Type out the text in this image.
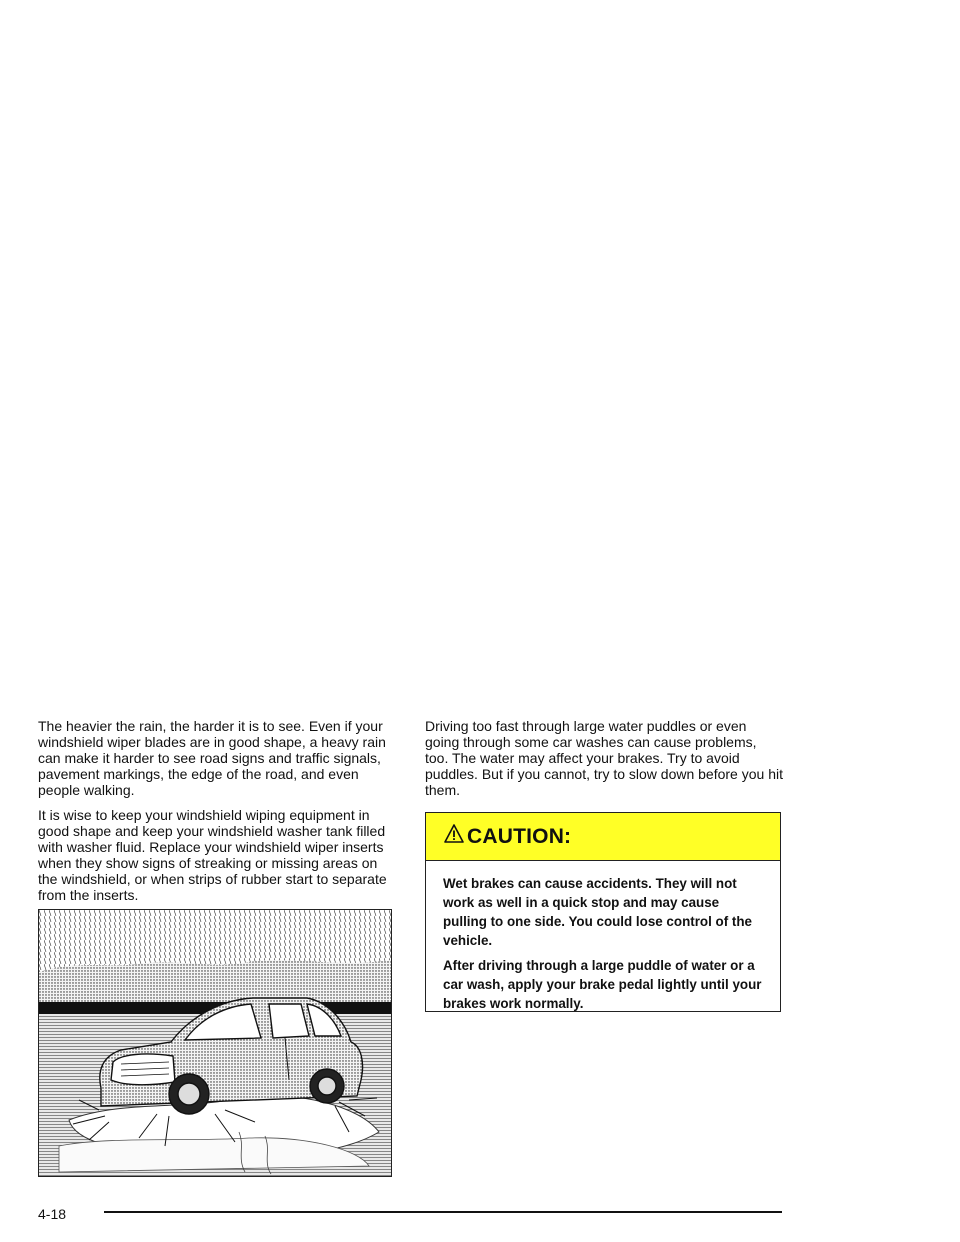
The heavier the rain, the harder it is to see. Even if your windshield wiper blades are in good shape, a heavy rain can make it harder to see road signs and traffic signals, pavement markings, the edge of the road, and even people walking.

It is wise to keep your windshield wiping equipment in good shape and keep your windshield washer tank filled with washer fluid. Replace your windshield wiper inserts when they show signs of streaking or missing areas on the windshield, or when strips of rubber start to separate from the inserts.

Driving too fast through large water puddles or even going through some car washes can cause problems, too. The water may affect your brakes. Try to avoid puddles. But if you cannot, try to slow down before you hit them.

CAUTION:

Wet brakes can cause accidents. They will not work as well in a quick stop and may cause pulling to one side. You could lose control of the vehicle.

After driving through a large puddle of water or a car wash, apply your brake pedal lightly until your brakes work normally.

4-18
